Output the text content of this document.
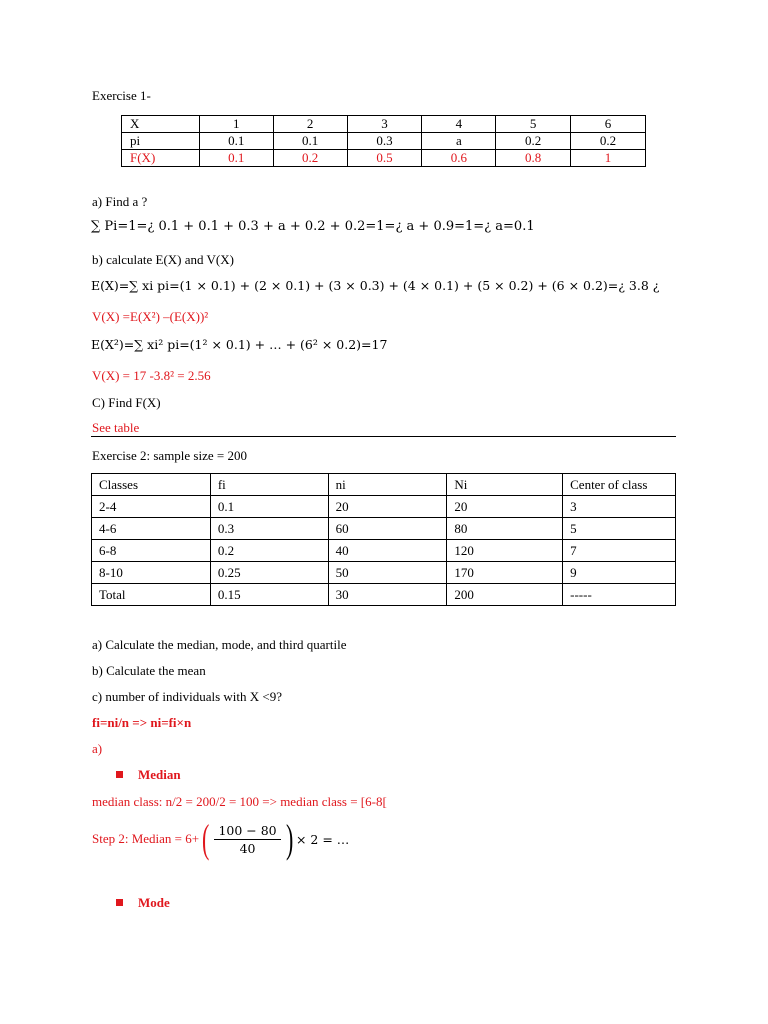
Exercise 1-
X	1	2	3	4	5	6
pi	0.1	0.1	0.3	a	0.2	0.2
F(X)	0.1	0.2	0.5	0.6	0.8	1
a) Find a ?
∑ Pi=1=¿ 0.1 + 0.1 + 0.3 + a + 0.2 + 0.2=1=¿ a + 0.9=1=¿ a=0.1
b) calculate E(X) and V(X)
E(X)=∑ xi pi=(1 × 0.1) + (2 × 0.1) + (3 × 0.3) + (4 × 0.1) + (5 × 0.2) + (6 × 0.2)=¿ 3.8 ¿
V(X) =E(X²) –(E(X))²
E(X²)=∑ xi² pi=(1² × 0.1) + … + (6² × 0.2)=17
V(X) = 17 -3.8² = 2.56
C) Find F(X)
See table
Exercise 2: sample size = 200
Classes	fi	ni	Ni	Center of class
2-4	0.1	20	20	3
4-6	0.3	60	80	5
6-8	0.2	40	120	7
8-10	0.25	50	170	9
Total	0.15	30	200	-----
a) Calculate the median, mode, and third quartile
b) Calculate the mean
c) number of individuals with X <9?
fi=ni/n => ni=fi×n
a)
Median
median class: n/2 = 200/2 = 100 => median class = [6-8[
Step 2: Median = 6+ ( $\frac{100 - 80}{40}$ ) × 2 = …
Mode
